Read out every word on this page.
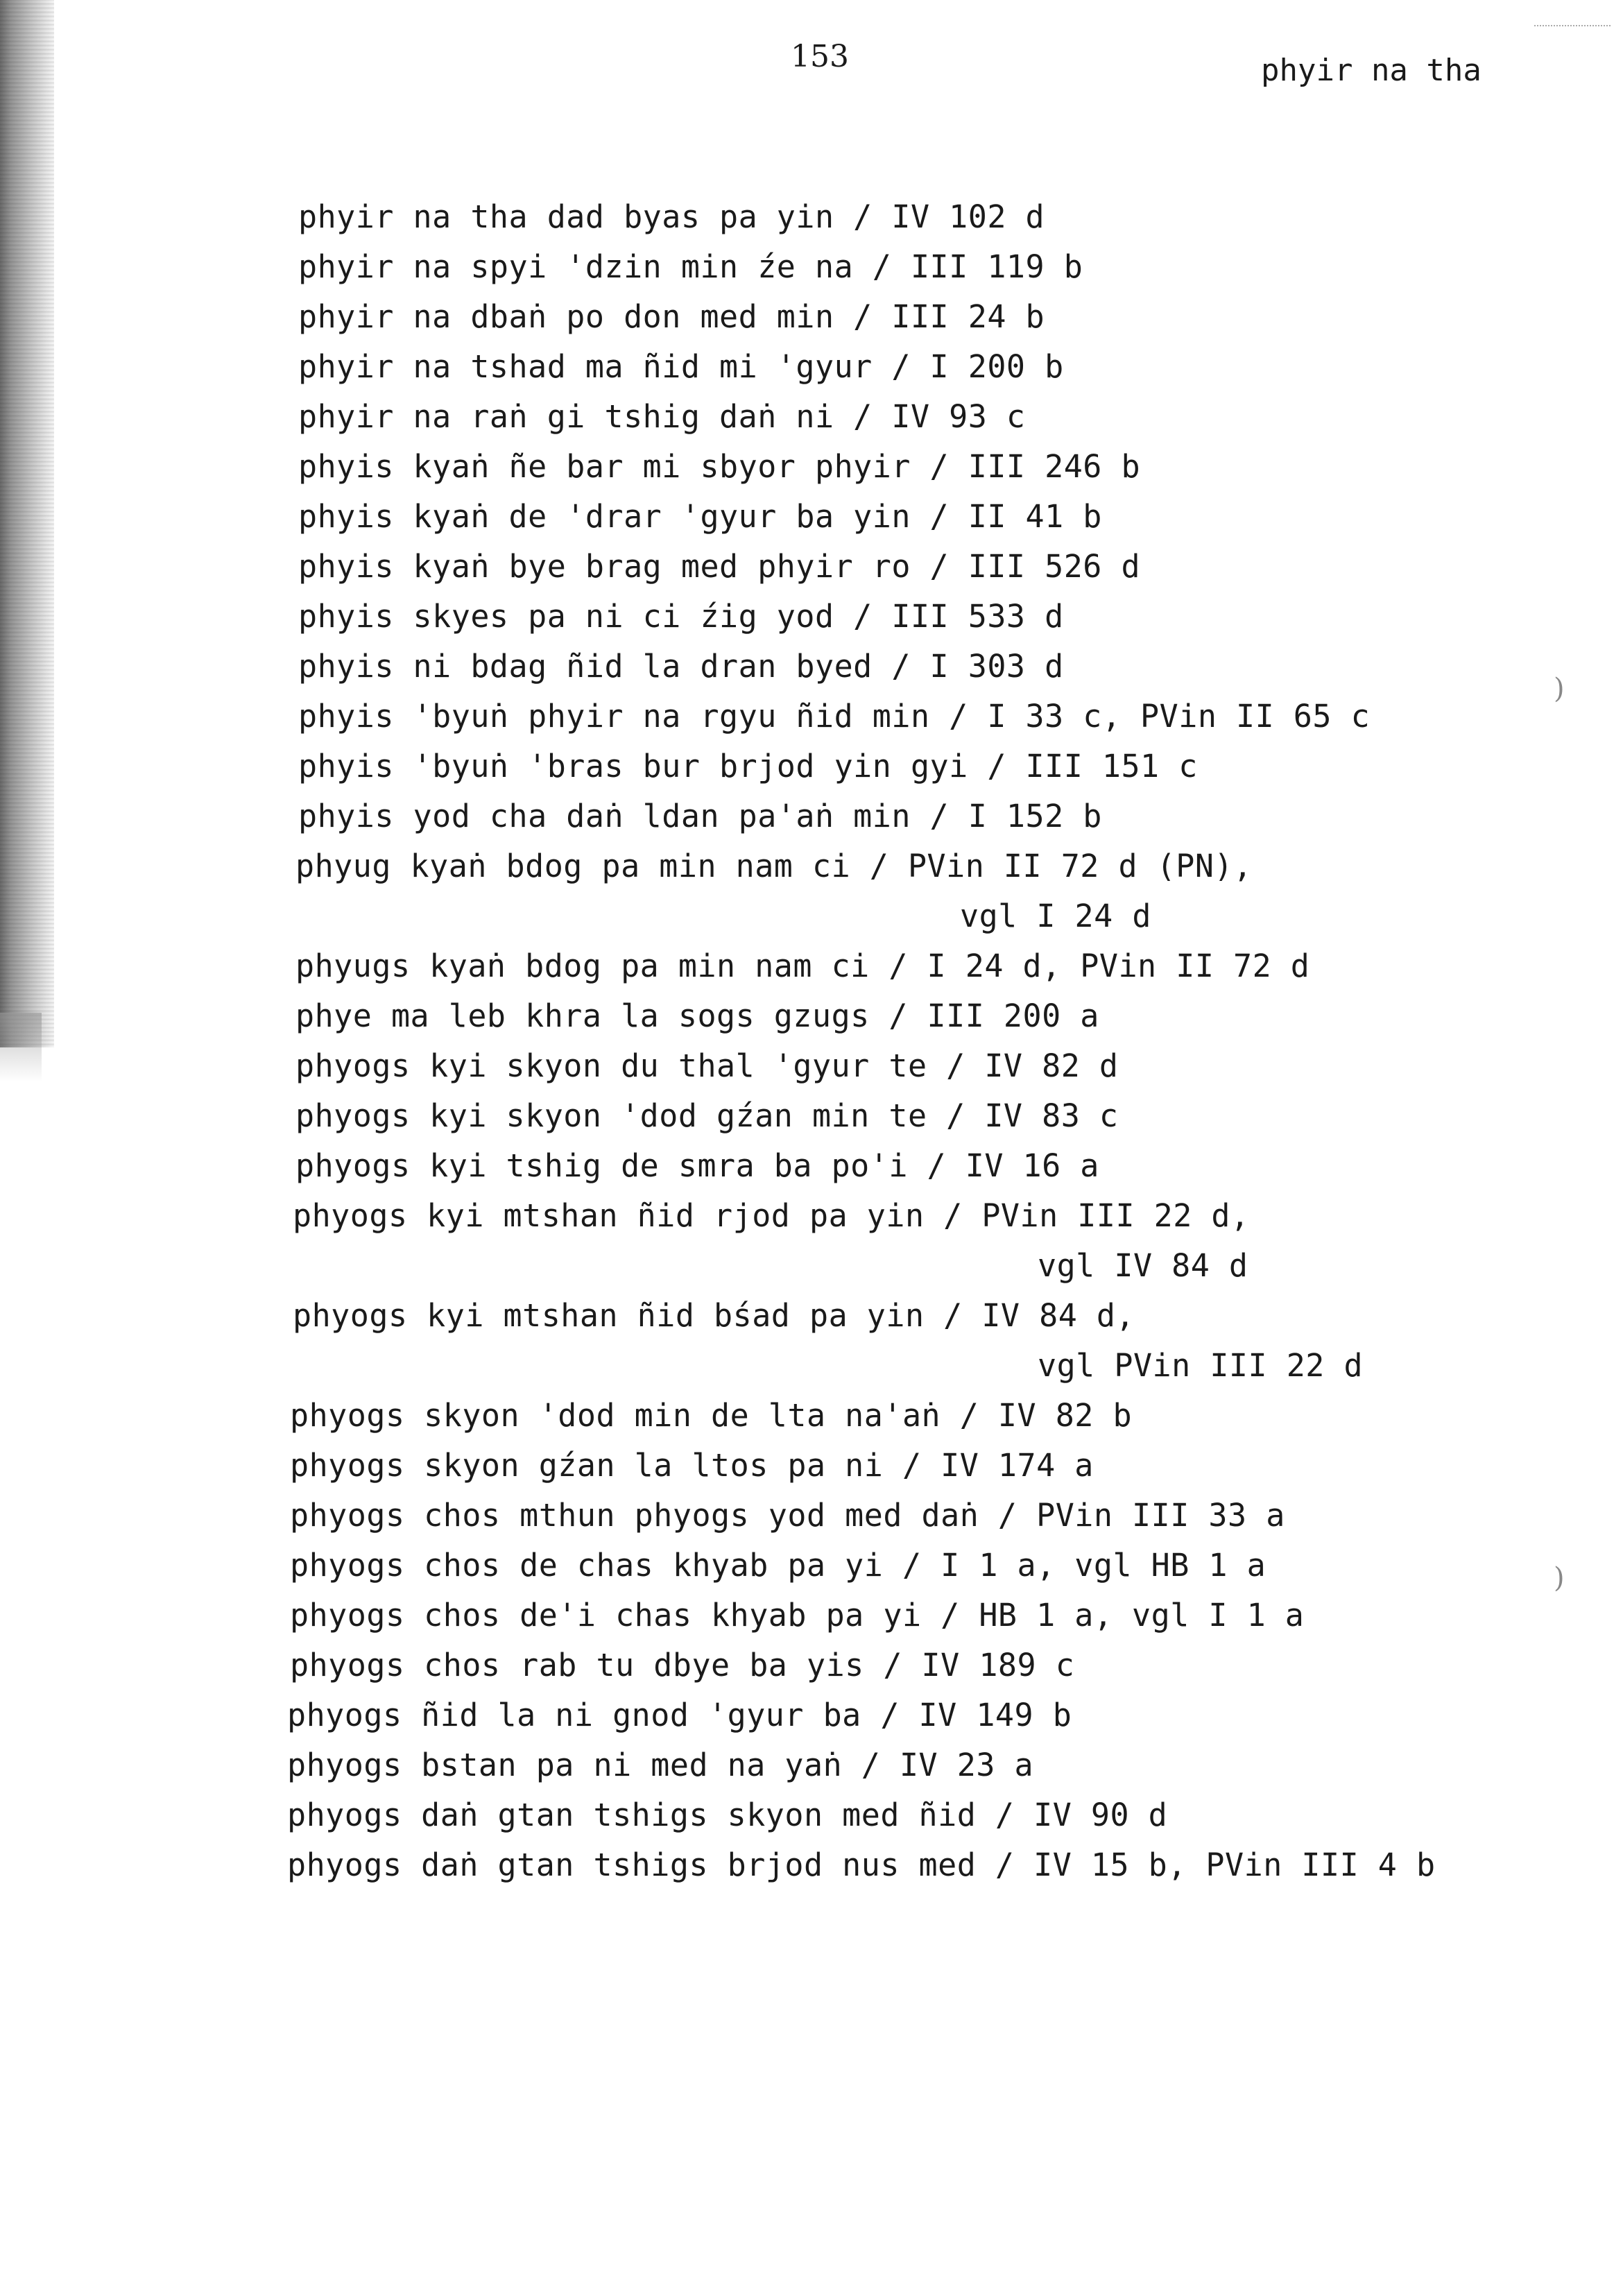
153	phyir na tha
phyir na tha dad byas pa yin / IV 102 d
phyir na spyi 'dzin min źe na / III 119 b
phyir na dbaṅ po don med min / III 24 b
phyir na tshad ma ñid mi 'gyur / I 200 b
phyir na raṅ gi tshig daṅ ni / IV 93 c
phyis kyaṅ ñe bar mi sbyor phyir / III 246 b
phyis kyaṅ de 'drar 'gyur ba yin / II 41 b
phyis kyaṅ bye brag med phyir ro / III 526 d
phyis skyes pa ni ci źig yod / III 533 d
phyis ni bdag ñid la dran byed / I 303 d
phyis 'byuṅ phyir na rgyu ñid min / I 33 c, PVin II 65 c
phyis 'byuṅ 'bras bur brjod yin gyi / III 151 c
phyis yod cha daṅ ldan pa'aṅ min / I 152 b
phyug kyaṅ bdog pa min nam ci / PVin II 72 d (PN),
vgl I 24 d
phyugs kyaṅ bdog pa min nam ci / I 24 d, PVin II 72 d
phye ma leb khra la sogs gzugs / III 200 a
phyogs kyi skyon du thal 'gyur te / IV 82 d
phyogs kyi skyon 'dod gźan min te / IV 83 c
phyogs kyi tshig de smra ba po'i / IV 16 a
phyogs kyi mtshan ñid rjod pa yin / PVin III 22 d,
vgl IV 84 d
phyogs kyi mtshan ñid bśad pa yin / IV 84 d,
vgl PVin III 22 d
phyogs skyon 'dod min de lta na'aṅ / IV 82 b
phyogs skyon gźan la ltos pa ni / IV 174 a
phyogs chos mthun phyogs yod med daṅ / PVin III 33 a
phyogs chos de chas khyab pa yi / I 1 a, vgl HB 1 a
phyogs chos de'i chas khyab pa yi / HB 1 a, vgl I 1 a
phyogs chos rab tu dbye ba yis / IV 189 c
phyogs ñid la ni gnod 'gyur ba / IV 149 b
phyogs bstan pa ni med na yaṅ / IV 23 a
phyogs daṅ gtan tshigs skyon med ñid / IV 90 d
phyogs daṅ gtan tshigs brjod nus med / IV 15 b, PVin III 4 b
)
)
